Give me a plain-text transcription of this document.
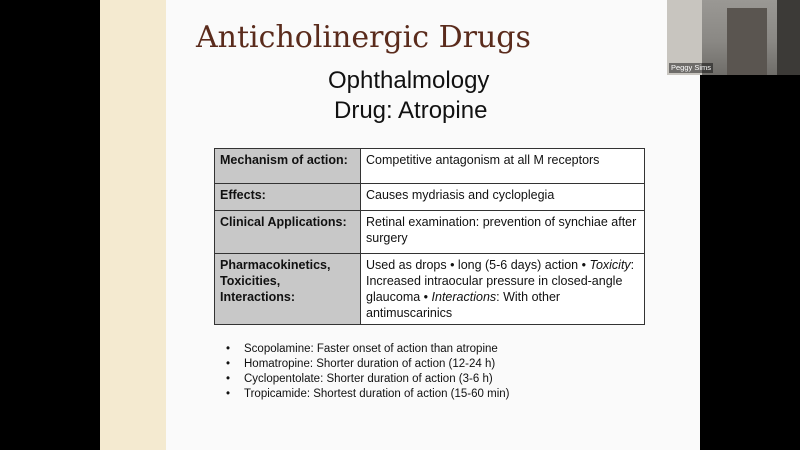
Anticholinergic Drugs
Ophthalmology
Drug: Atropine
Mechanism of action:	Competitive antagonism at all M receptors
Effects:	Causes mydriasis and cycloplegia
Clinical Applications:	Retinal examination: prevention of synchiae after surgery
Pharmacokinetics, Toxicities, Interactions:	Used as drops • long (5-6 days) action • Toxicity: Increased intraocular pressure in closed-angle glaucoma • Interactions: With other antimuscarinics
• Scopolamine: Faster onset of action than atropine
• Homatropine: Shorter duration of action (12-24 h)
• Cyclopentolate: Shorter duration of action (3-6 h)
• Tropicamide: Shortest duration of action (15-60 min)
Peggy Sims
